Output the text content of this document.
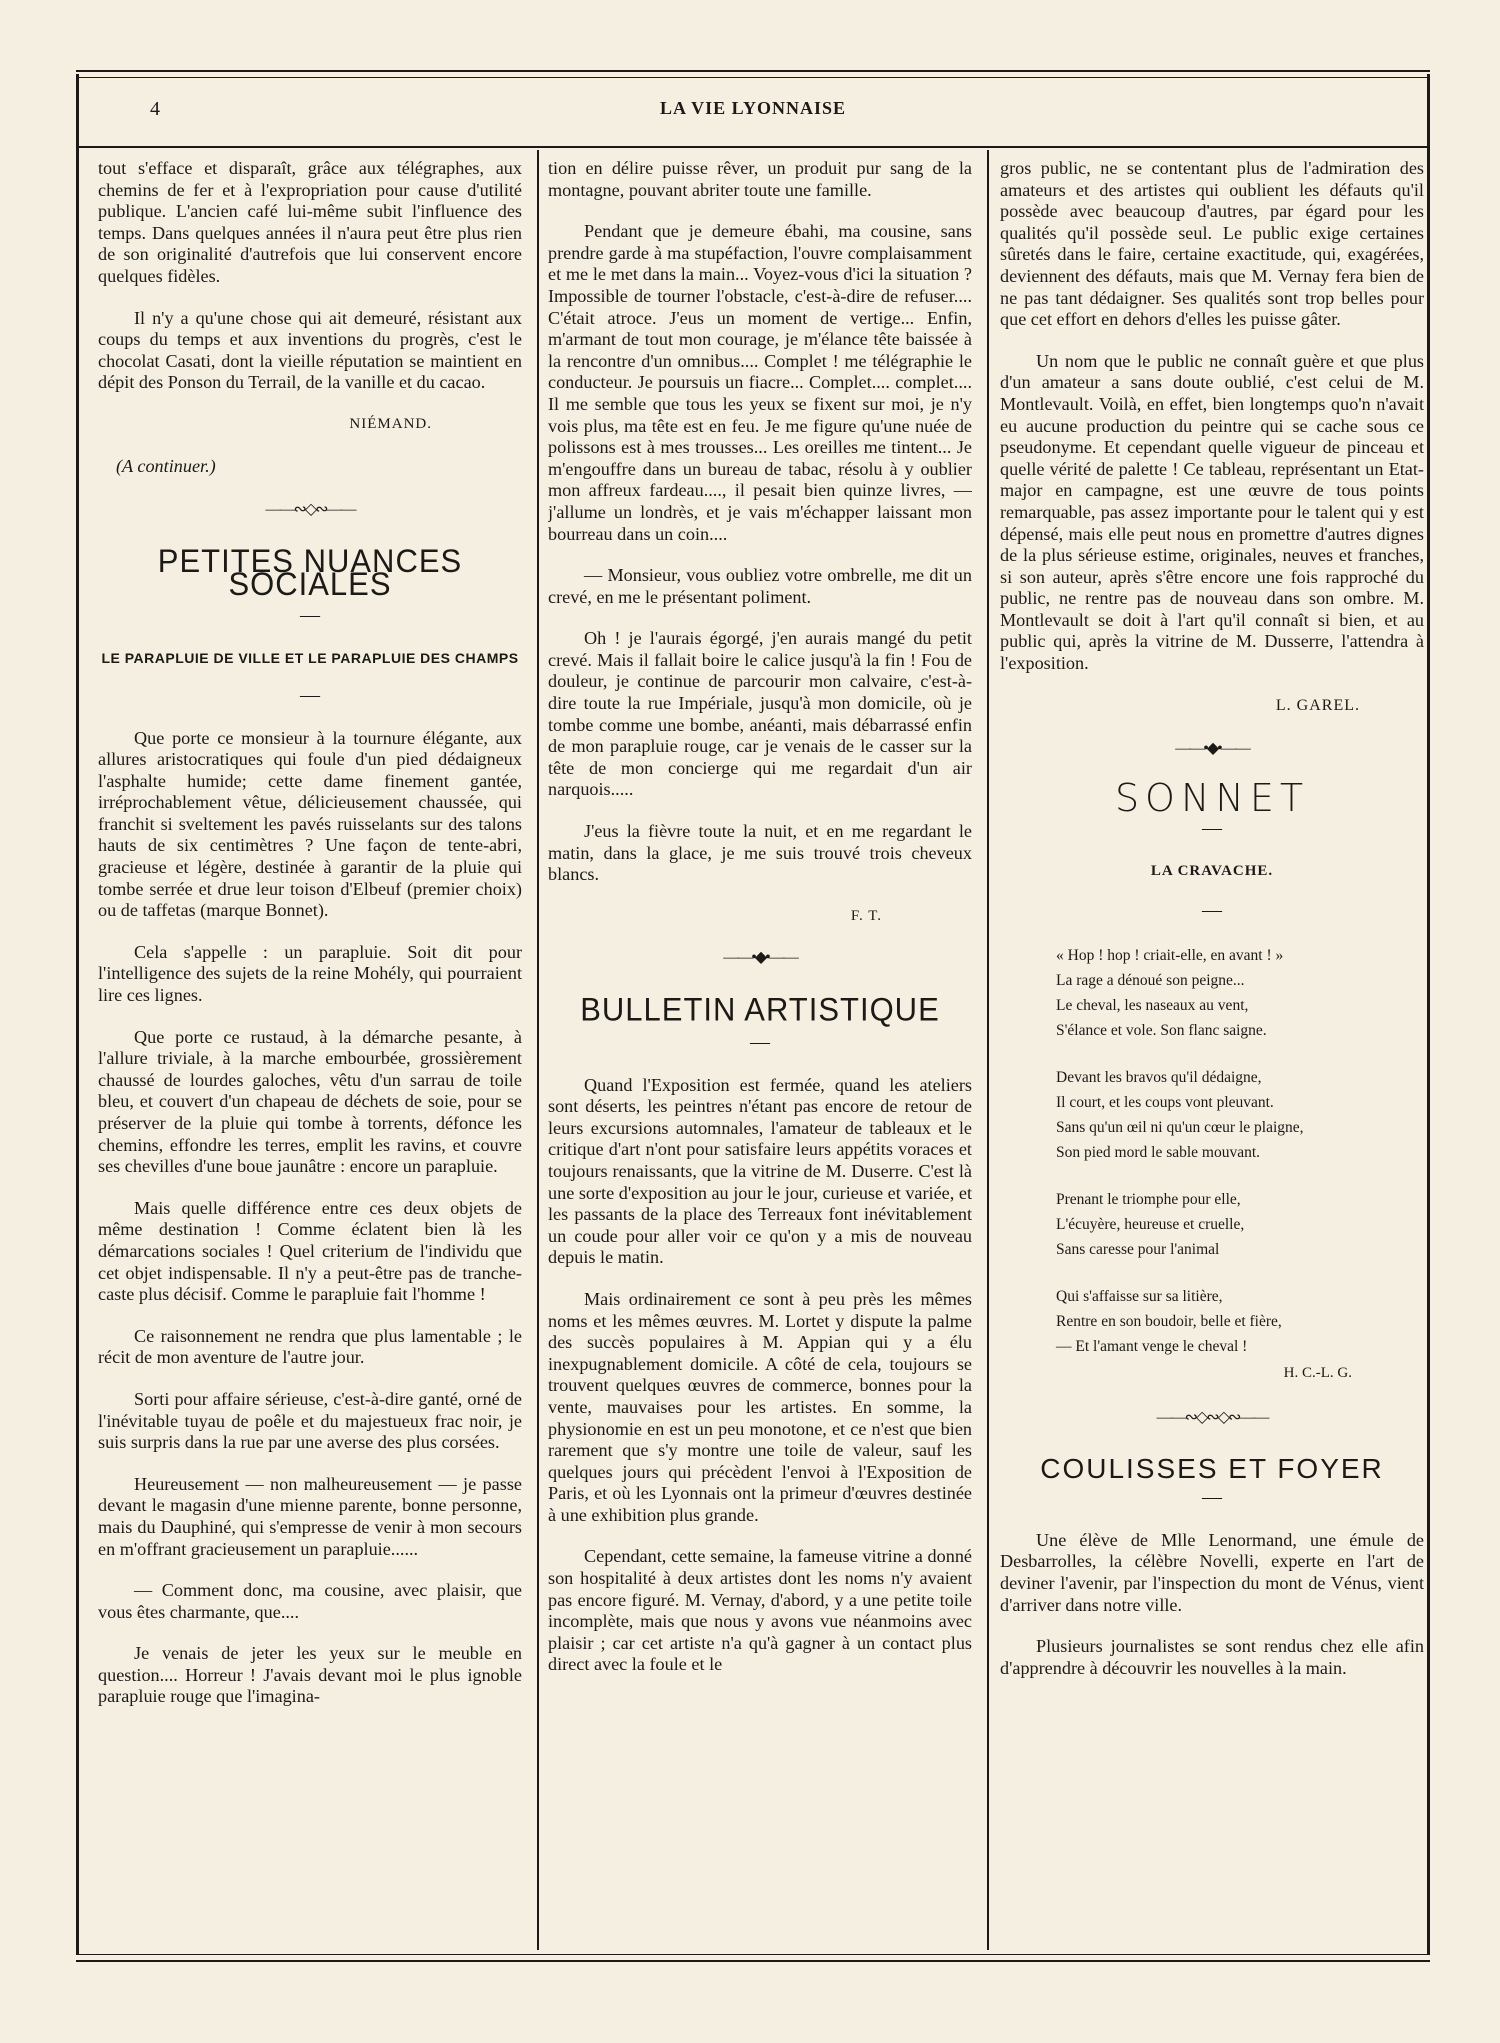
4	LA VIE LYONNAISE

tout s'efface et disparaît, grâce aux télégraphes, aux chemins de fer et à l'expropriation pour cause d'utilité publique. L'ancien café lui-même subit l'influence des temps. Dans quelques années il n'aura peut être plus rien de son originalité d'autrefois que lui conservent encore quelques fidèles.

Il n'y a qu'une chose qui ait demeuré, résistant aux coups du temps et aux inventions du progrès, c'est le chocolat Casati, dont la vieille réputation se maintient en dépit des Ponson du Terrail, de la vanille et du cacao.

NIÉMAND.
(A continuer.)
——∾◇∾——
PETITES NUANCES SOCIALES
—
LE PARAPLUIE DE VILLE ET LE PARAPLUIE DES CHAMPS
—

Que porte ce monsieur à la tournure élégante, aux allures aristocratiques qui foule d'un pied dédaigneux l'asphalte humide; cette dame finement gantée, irréprochablement vêtue, délicieusement chaussée, qui franchit si sveltement les pavés ruisselants sur des talons hauts de six centimètres ? Une façon de tente-abri, gracieuse et légère, destinée à garantir de la pluie qui tombe serrée et drue leur toison d'Elbeuf (premier choix) ou de taffetas (marque Bonnet).

Cela s'appelle : un parapluie. Soit dit pour l'intelligence des sujets de la reine Mohély, qui pourraient lire ces lignes.

Que porte ce rustaud, à la démarche pesante, à l'allure triviale, à la marche embourbée, grossièrement chaussé de lourdes galoches, vêtu d'un sarrau de toile bleu, et couvert d'un chapeau de déchets de soie, pour se préserver de la pluie qui tombe à torrents, défonce les chemins, effondre les terres, emplit les ravins, et couvre ses chevilles d'une boue jaunâtre : encore un parapluie.

Mais quelle différence entre ces deux objets de même destination ! Comme éclatent bien là les démarcations sociales ! Quel criterium de l'individu que cet objet indispensable. Il n'y a peut-être pas de tranche-caste plus décisif. Comme le parapluie fait l'homme !

Ce raisonnement ne rendra que plus lamentable ; le récit de mon aventure de l'autre jour.

Sorti pour affaire sérieuse, c'est-à-dire ganté, orné de l'inévitable tuyau de poêle et du majestueux frac noir, je suis surpris dans la rue par une averse des plus corsées.

Heureusement — non malheureusement — je passe devant le magasin d'une mienne parente, bonne personne, mais du Dauphiné, qui s'empresse de venir à mon secours en m'offrant gracieusement un parapluie......

— Comment donc, ma cousine, avec plaisir, que vous êtes charmante, que....

Je venais de jeter les yeux sur le meuble en question.... Horreur ! J'avais devant moi le plus ignoble parapluie rouge que l'imagina-

tion en délire puisse rêver, un produit pur sang de la montagne, pouvant abriter toute une famille.

Pendant que je demeure ébahi, ma cousine, sans prendre garde à ma stupéfaction, l'ouvre complaisamment et me le met dans la main... Voyez-vous d'ici la situation ? Impossible de tourner l'obstacle, c'est-à-dire de refuser.... C'était atroce. J'eus un moment de vertige... Enfin, m'armant de tout mon courage, je m'élance tête baissée à la rencontre d'un omnibus.... Complet ! me télégraphie le conducteur. Je poursuis un fiacre... Complet.... complet.... Il me semble que tous les yeux se fixent sur moi, je n'y vois plus, ma tête est en feu. Je me figure qu'une nuée de polissons est à mes trousses... Les oreilles me tintent... Je m'engouffre dans un bureau de tabac, résolu à y oublier mon affreux fardeau...., il pesait bien quinze livres, — j'allume un londrès, et je vais m'échapper laissant mon bourreau dans un coin....

— Monsieur, vous oubliez votre ombrelle, me dit un crevé, en me le présentant poliment.

Oh ! je l'aurais égorgé, j'en aurais mangé du petit crevé. Mais il fallait boire le calice jusqu'à la fin ! Fou de douleur, je continue de parcourir mon calvaire, c'est-à-dire toute la rue Impériale, jusqu'à mon domicile, où je tombe comme une bombe, anéanti, mais débarrassé enfin de mon parapluie rouge, car je venais de le casser sur la tête de mon concierge qui me regardait d'un air narquois.....

J'eus la fièvre toute la nuit, et en me regardant le matin, dans la glace, je me suis trouvé trois cheveux blancs.

F. T.
——•◆•——
BULLETIN ARTISTIQUE
—

Quand l'Exposition est fermée, quand les ateliers sont déserts, les peintres n'étant pas encore de retour de leurs excursions automnales, l'amateur de tableaux et le critique d'art n'ont pour satisfaire leurs appétits voraces et toujours renaissants, que la vitrine de M. Duserre. C'est là une sorte d'exposition au jour le jour, curieuse et variée, et les passants de la place des Terreaux font inévitablement un coude pour aller voir ce qu'on y a mis de nouveau depuis le matin.

Mais ordinairement ce sont à peu près les mêmes noms et les mêmes œuvres. M. Lortet y dispute la palme des succès populaires à M. Appian qui y a élu inexpugnablement domicile. A côté de cela, toujours se trouvent quelques œuvres de commerce, bonnes pour la vente, mauvaises pour les artistes. En somme, la physionomie en est un peu monotone, et ce n'est que bien rarement que s'y montre une toile de valeur, sauf les quelques jours qui précèdent l'envoi à l'Exposition de Paris, et où les Lyonnais ont la primeur d'œuvres destinée à une exhibition plus grande.

Cependant, cette semaine, la fameuse vitrine a donné son hospitalité à deux artistes dont les noms n'y avaient pas encore figuré. M. Vernay, d'abord, y a une petite toile incomplète, mais que nous y avons vue néanmoins avec plaisir ; car cet artiste n'a qu'à gagner à un contact plus direct avec la foule et le

gros public, ne se contentant plus de l'admiration des amateurs et des artistes qui oublient les défauts qu'il possède avec beaucoup d'autres, par égard pour les qualités qu'il possède seul. Le public exige certaines sûretés dans le faire, certaine exactitude, qui, exagérées, deviennent des défauts, mais que M. Vernay fera bien de ne pas tant dédaigner. Ses qualités sont trop belles pour que cet effort en dehors d'elles les puisse gâter.

Un nom que le public ne connaît guère et que plus d'un amateur a sans doute oublié, c'est celui de M. Montlevault. Voilà, en effet, bien longtemps quo'n n'avait eu aucune production du peintre qui se cache sous ce pseudonyme. Et cependant quelle vigueur de pinceau et quelle vérité de palette ! Ce tableau, représentant un Etat-major en campagne, est une œuvre de tous points remarquable, pas assez importante pour le talent qui y est dépensé, mais elle peut nous en promettre d'autres dignes de la plus sérieuse estime, originales, neuves et franches, si son auteur, après s'être encore une fois rapproché du public, ne rentre pas de nouveau dans son ombre. M. Montlevault se doit à l'art qu'il connaît si bien, et au public qui, après la vitrine de M. Dusserre, l'attendra à l'exposition.

L. GAREL.
——•◆•——
SONNET
—
LA CRAVACHE.
—
« Hop ! hop ! criait-elle, en avant ! »
La rage a dénoué son peigne...
Le cheval, les naseaux au vent,
S'élance et vole. Son flanc saigne.
Devant les bravos qu'il dédaigne,
Il court, et les coups vont pleuvant.
Sans qu'un œil ni qu'un cœur le plaigne,
Son pied mord le sable mouvant.
Prenant le triomphe pour elle,
L'écuyère, heureuse et cruelle,
Sans caresse pour l'animal
Qui s'affaisse sur sa litière,
Rentre en son boudoir, belle et fière,
— Et l'amant venge le cheval !
H. C.-L. G.
——∾◇∾◇∾——
COULISSES ET FOYER
—

Une élève de Mlle Lenormand, une émule de Desbarrolles, la célèbre Novelli, experte en l'art de deviner l'avenir, par l'inspection du mont de Vénus, vient d'arriver dans notre ville.

Plusieurs journalistes se sont rendus chez elle afin d'apprendre à découvrir les nouvelles à la main.
